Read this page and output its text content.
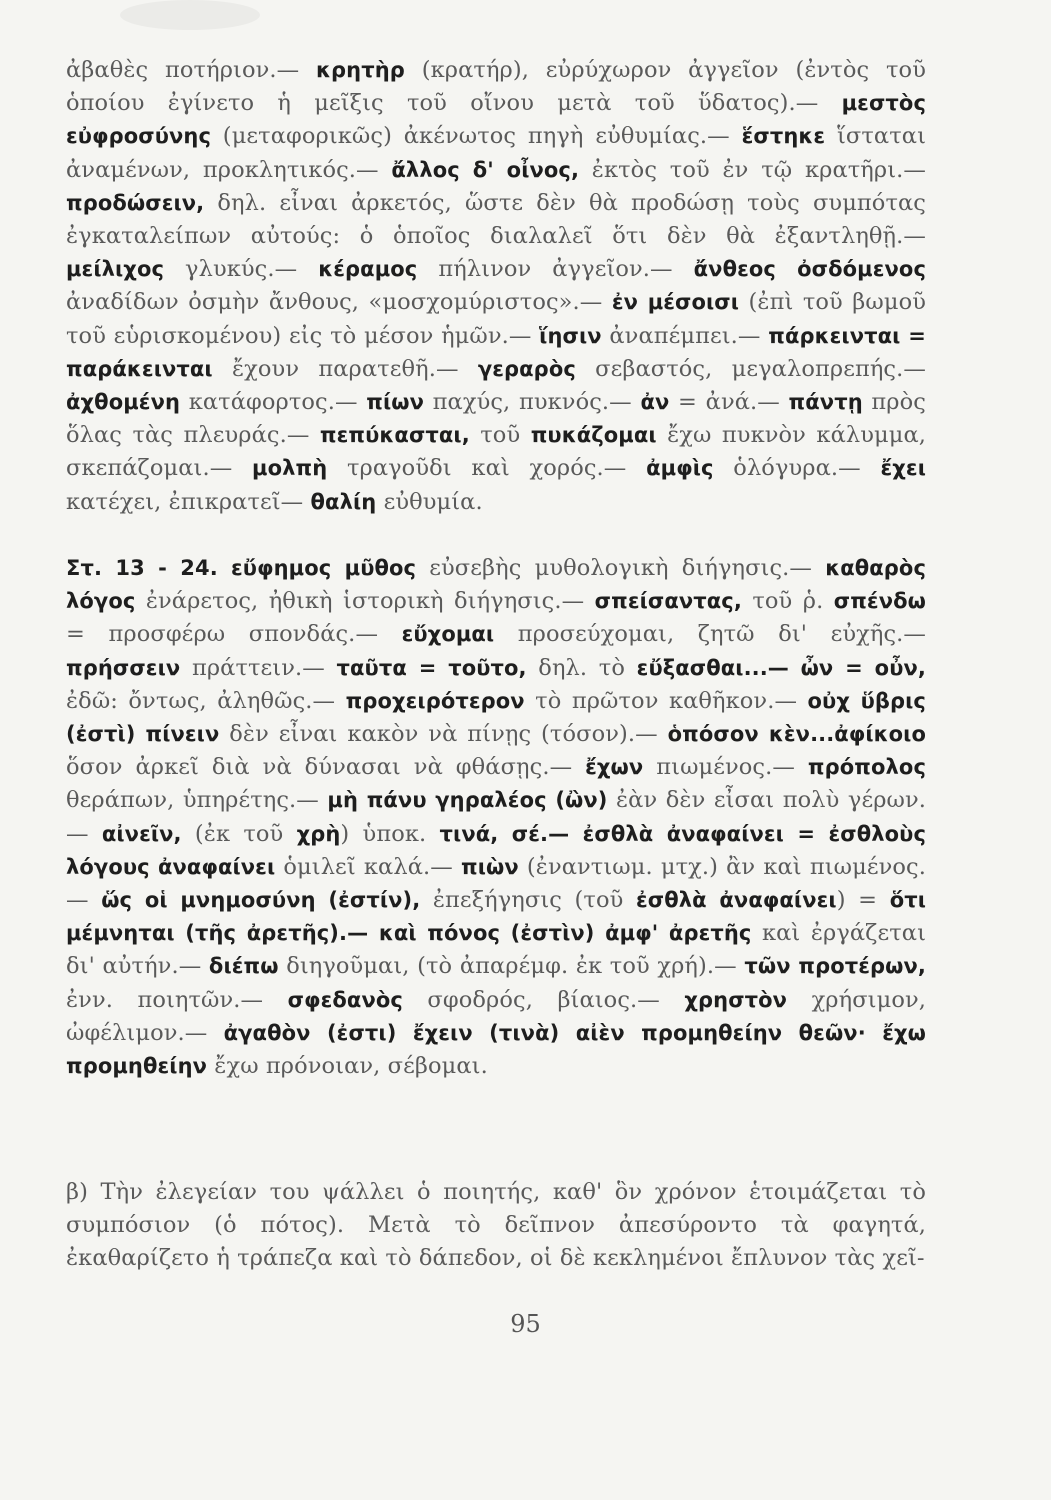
ἀβαθὲς ποτήριον.— κρητὴρ (κρατήρ), εὐρύχωρον ἀγγεῖον (ἐντὸς τοῦ ὁποίου ἐγίνετο ἡ μεῖξις τοῦ οἴνου μετὰ τοῦ ὕδατος).— μεστὸς εὐφροσύνης (μεταφορικῶς) ἀκένωτος πηγὴ εὐθυμίας.— ἕστηκε ἵσταται ἀναμένων, προκλητικός.— ἄλλος δ' οἶνος, ἐκτὸς τοῦ ἐν τῷ κρατῆρι.— προδώσειν, δηλ. εἶναι ἀρκετός, ὥστε δὲν θὰ προδώσῃ τοὺς συμπότας ἐγκαταλείπων αὐτούς: ὁ ὁποῖος διαλαλεῖ ὅτι δὲν θὰ ἐξαντληθῇ.— μείλιχος γλυκύς.— κέραμος πήλινον ἀγγεῖον.— ἄνθεος ὀσδόμενος ἀναδίδων ὀσμὴν ἄνθους, «μοσχομύριστος».— ἐν μέσοισι (ἐπὶ τοῦ βωμοῦ τοῦ εὑρισκομένου) εἰς τὸ μέσον ἡμῶν.— ἵησιν ἀναπέμπει.— πάρκεινται = παράκεινται ἔχουν παρατεθῆ.— γεραρὸς σεβαστός, μεγαλοπρεπής.— ἀχθομένη κατάφορτος.— πίων παχύς, πυκνός.— ἀν = ἀνά.— πάντῃ πρὸς ὅλας τὰς πλευράς.— πεπύκασται, τοῦ πυκάζομαι ἔχω πυκνὸν κάλυμμα, σκεπάζομαι.— μολπὴ τραγοῦδι καὶ χορός.— ἀμφὶς ὁλόγυρα.— ἔχει κατέχει, ἐπικρατεῖ— θαλίη εὐθυμία.
Στ. 13 - 24. εὔφημος μῦθος εὐσεβὴς μυθολογικὴ διήγησις.— καθαρὸς λόγος ἐνάρετος, ἠθικὴ ἱστορικὴ διήγησις.— σπείσαντας, τοῦ ῥ. σπένδω = προσφέρω σπονδάς.— εὔχομαι προσεύχομαι, ζητῶ δι' εὐχῆς.— πρήσσειν πράττειν.— ταῦτα = τοῦτο, δηλ. τὸ εὔξασθαι...— ὦν = οὖν, ἐδῶ: ὄντως, ἀληθῶς.— προχειρότερον τὸ πρῶτον καθῆκον.— οὐχ ὕβρις (ἐστὶ) πίνειν δὲν εἶναι κακὸν νὰ πίνῃς (τόσον).— ὁπόσον κὲν...ἀφίκοιο ὅσον ἀρκεῖ διὰ νὰ δύνασαι νὰ φθάσῃς.— ἔχων πιωμένος.— πρόπολος θεράπων, ὑπηρέτης.— μὴ πάνυ γηραλέος (ὢν) ἐὰν δὲν εἶσαι πολὺ γέρων.— αἰνεῖν, (ἐκ τοῦ χρὴ) ὑποκ. τινά, σέ.— ἐσθλὰ ἀναφαίνει = ἐσθλοὺς λόγους ἀναφαίνει ὁμιλεῖ καλά.— πιὼν (ἐναντιωμ. μτχ.) ἂν καὶ πιωμένος.— ὥς οἱ μνημοσύνη (ἐστίν), ἐπεξήγησις (τοῦ ἐσθλὰ ἀναφαίνει) = ὅτι μέμνηται (τῆς ἀρετῆς).— καὶ πόνος (ἐστὶν) ἀμφ' ἀρετῆς καὶ ἐργάζεται δι' αὐτήν.— διέπω διηγοῦμαι, (τὸ ἀπαρέμφ. ἐκ τοῦ χρή).— τῶν προτέρων, ἐνν. ποιητῶν.— σφεδανὸς σφοδρός, βίαιος.— χρηστὸν χρήσιμον, ὠφέλιμον.— ἀγαθὸν (ἐστι) ἔχειν (τινὰ) αἰὲν προμηθείην θεῶν· ἔχω προμηθείην ἔχω πρόνοιαν, σέβομαι.
β) Τὴν ἐλεγείαν του ψάλλει ὁ ποιητής, καθ' ὃν χρόνον ἑτοιμάζεται τὸ συμπόσιον (ὁ πότος). Μετὰ τὸ δεῖπνον ἀπεσύροντο τὰ φαγητά, ἐκαθαρίζετο ἡ τράπεζα καὶ τὸ δάπεδον, οἱ δὲ κεκλημένοι ἔπλυνον τὰς χεῖ-
95
